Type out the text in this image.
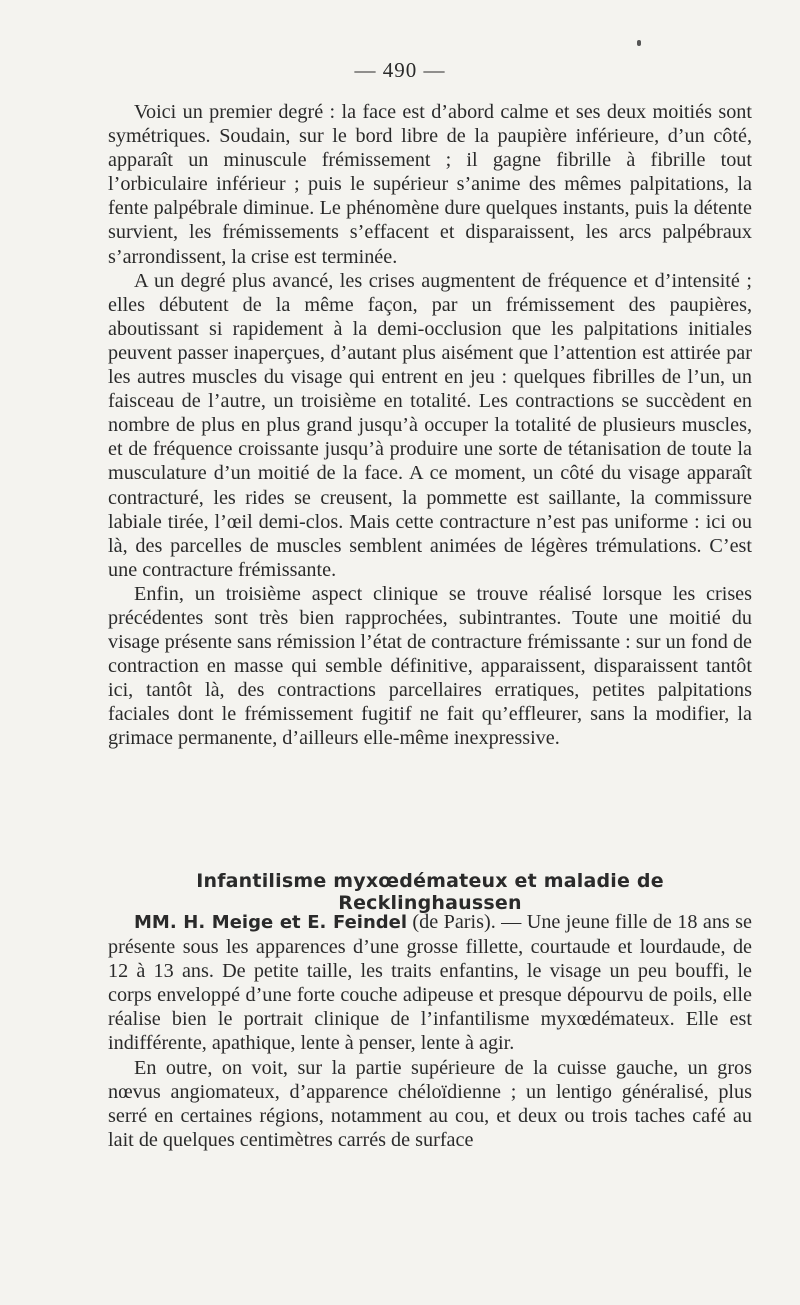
— 490 —

Voici un premier degré : la face est d’abord calme et ses deux moitiés sont symétriques. Soudain, sur le bord libre de la paupière inférieure, d’un côté, apparaît un minuscule frémissement ; il gagne fibrille à fibrille tout l’orbiculaire inférieur ; puis le supérieur s’anime des mêmes palpitations, la fente palpébrale diminue. Le phénomène dure quelques instants, puis la détente survient, les frémissements s’effacent et disparaissent, les arcs palpébraux s’arrondissent, la crise est terminée.

A un degré plus avancé, les crises augmentent de fréquence et d’intensité ; elles débutent de la même façon, par un frémissement des paupières, aboutissant si rapidement à la demi-occlusion que les palpitations initiales peuvent passer inaperçues, d’autant plus aisément que l’attention est attirée par les autres muscles du visage qui entrent en jeu : quelques fibrilles de l’un, un faisceau de l’autre, un troisième en totalité. Les contractions se succèdent en nombre de plus en plus grand jusqu’à occuper la totalité de plusieurs muscles, et de fréquence croissante jusqu’à produire une sorte de tétanisation de toute la musculature d’un moitié de la face. A ce moment, un côté du visage apparaît contracturé, les rides se creusent, la pommette est saillante, la commissure labiale tirée, l’œil demi-clos. Mais cette contracture n’est pas uniforme : ici ou là, des parcelles de muscles semblent animées de légères trémulations. C’est une contracture frémissante.

Enfin, un troisième aspect clinique se trouve réalisé lorsque les crises précédentes sont très bien rapprochées, subintrantes. Toute une moitié du visage présente sans rémission l’état de contracture frémissante : sur un fond de contraction en masse qui semble définitive, apparaissent, disparaissent tantôt ici, tantôt là, des contractions parcellaires erratiques, petites palpitations faciales dont le frémissement fugitif ne fait qu’effleurer, sans la modifier, la grimace permanente, d’ailleurs elle-même inexpressive.

Infantilisme myxœdémateux et maladie de Recklinghaussen

MM. H. Meige et E. Feindel (de Paris). — Une jeune fille de 18 ans se présente sous les apparences d’une grosse fillette, courtaude et lourdaude, de 12 à 13 ans. De petite taille, les traits enfantins, le visage un peu bouffi, le corps enveloppé d’une forte couche adipeuse et presque dépourvu de poils, elle réalise bien le portrait clinique de l’infantilisme myxœdémateux. Elle est indifférente, apathique, lente à penser, lente à agir.

En outre, on voit, sur la partie supérieure de la cuisse gauche, un gros nœvus angiomateux, d’apparence chéloïdienne ; un lentigo généralisé, plus serré en certaines régions, notamment au cou, et deux ou trois taches café au lait de quelques centimètres carrés de surface
